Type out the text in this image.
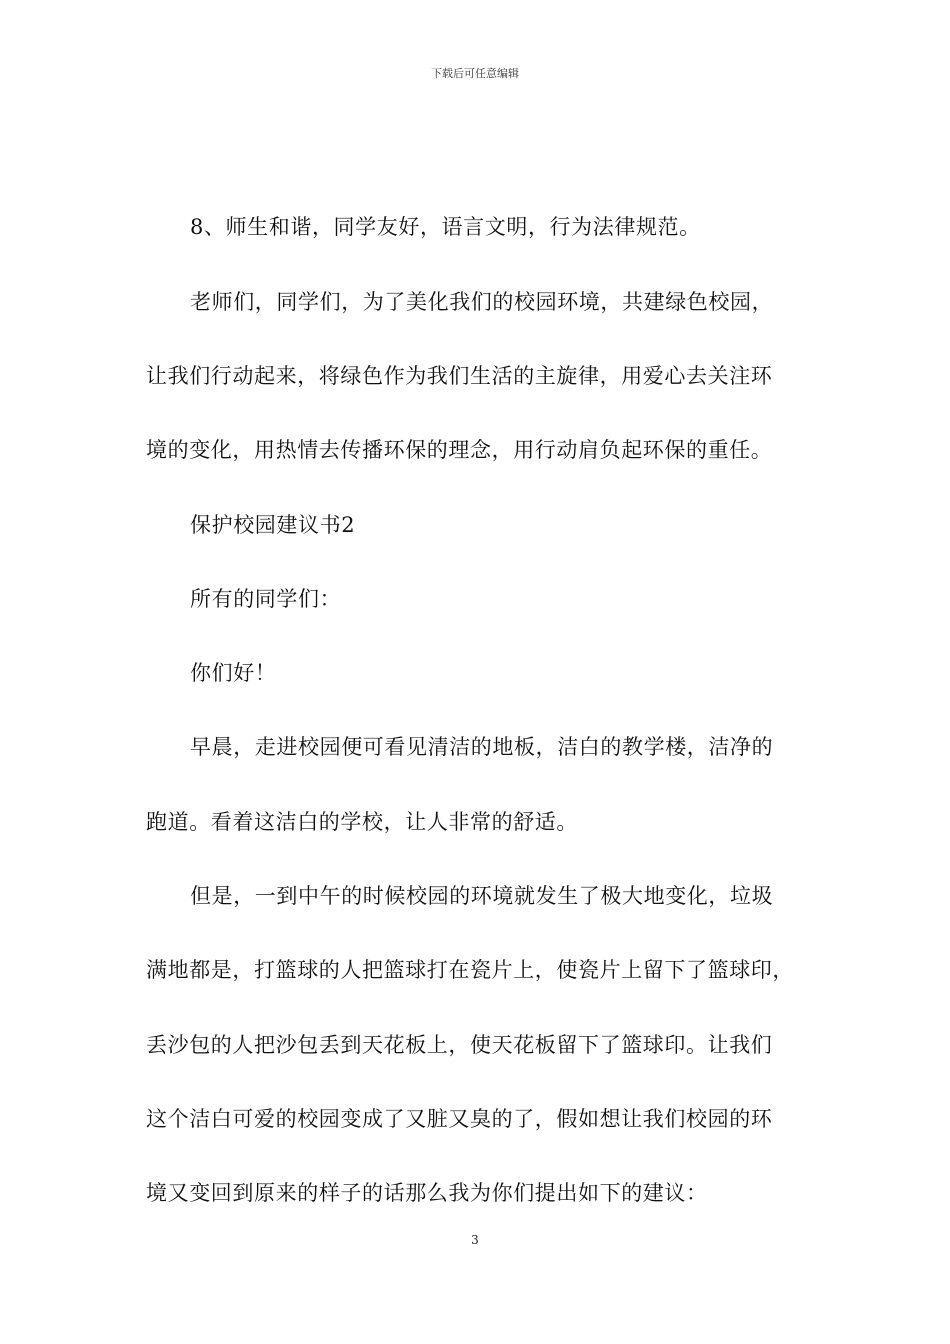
下载后可任意编辑
8、师生和谐，同学友好，语言文明，行为法律规范。
老师们，同学们，为了美化我们的校园环境，共建绿色校园，
让我们行动起来，将绿色作为我们生活的主旋律，用爱心去关注环
境的变化，用热情去传播环保的理念，用行动肩负起环保的重任。
保护校园建议书2
所有的同学们：
你们好！
早晨，走进校园便可看见清洁的地板，洁白的教学楼，洁净的
跑道。看着这洁白的学校，让人非常的舒适。
但是，一到中午的时候校园的环境就发生了极大地变化，垃圾
满地都是，打篮球的人把篮球打在瓷片上，使瓷片上留下了篮球印，
丢沙包的人把沙包丢到天花板上，使天花板留下了篮球印。让我们
这个洁白可爱的校园变成了又脏又臭的了，假如想让我们校园的环
境又变回到原来的样子的话那么我为你们提出如下的建议：
3
